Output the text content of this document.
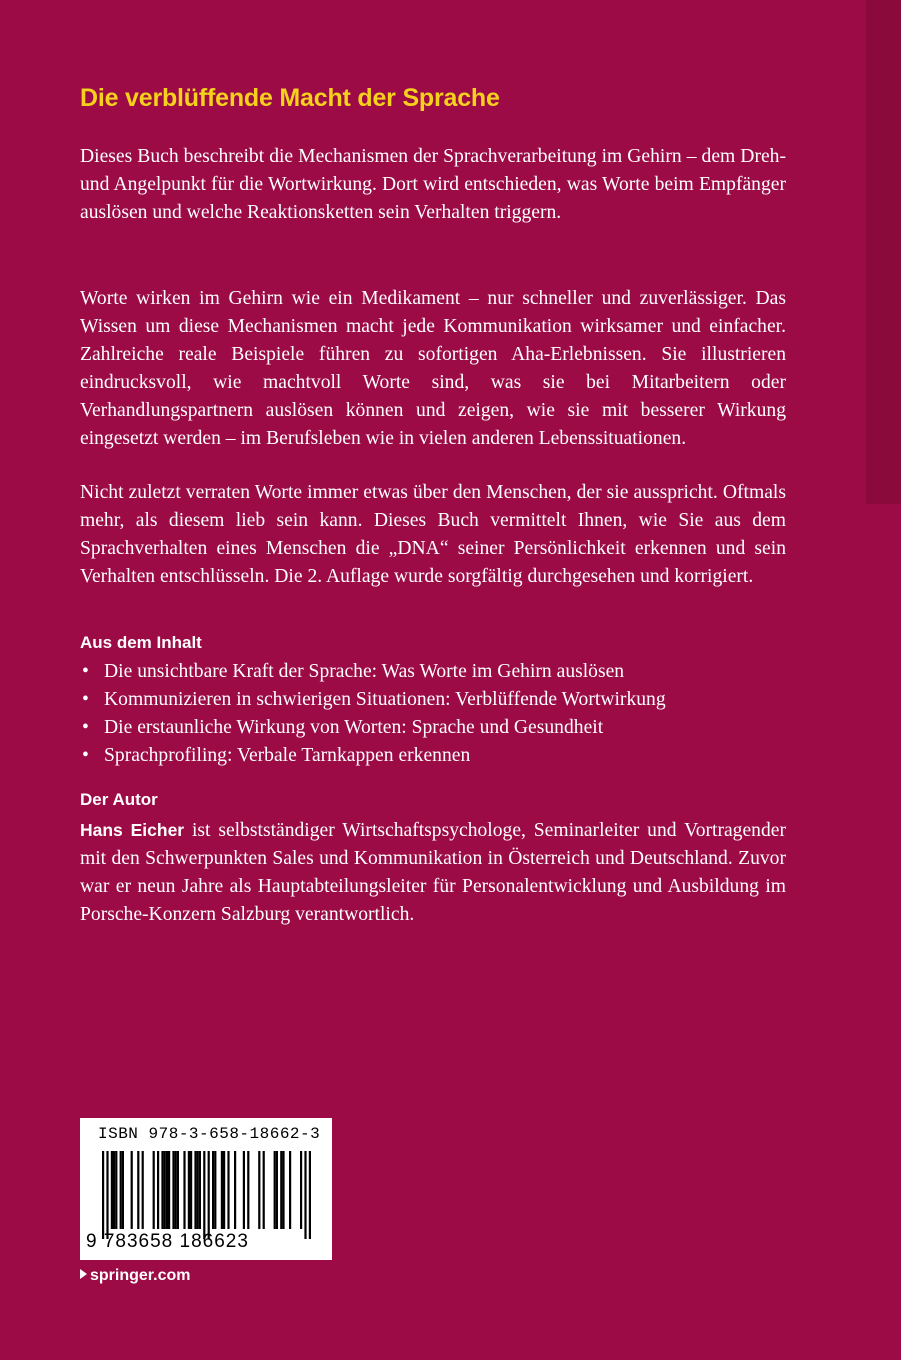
Die verblüffende Macht der Sprache

Dieses Buch beschreibt die Mechanismen der Sprachverarbeitung im Gehirn – dem Dreh- und Angelpunkt für die Wortwirkung. Dort wird entschieden, was Worte beim Empfänger auslösen und welche Reaktionsketten sein Verhalten triggern.

Worte wirken im Gehirn wie ein Medikament – nur schneller und zuverlässiger. Das Wissen um diese Mechanismen macht jede Kommunikation wirksamer und einfacher. Zahlreiche reale Beispiele führen zu sofortigen Aha-Erlebnissen. Sie illustrieren eindrucksvoll, wie machtvoll Worte sind, was sie bei Mitarbeitern oder Verhandlungspartnern auslösen können und zeigen, wie sie mit besserer Wirkung eingesetzt werden – im Berufsleben wie in vielen anderen Lebenssituationen.

Nicht zuletzt verraten Worte immer etwas über den Menschen, der sie ausspricht. Oftmals mehr, als diesem lieb sein kann. Dieses Buch vermittelt Ihnen, wie Sie aus dem Sprachverhalten eines Menschen die „DNA“ seiner Persönlichkeit erkennen und sein Verhalten entschlüsseln. Die 2. Auflage wurde sorgfältig durchgesehen und korrigiert.

Aus dem Inhalt
• Die unsichtbare Kraft der Sprache: Was Worte im Gehirn auslösen
• Kommunizieren in schwierigen Situationen: Verblüffende Wortwirkung
• Die erstaunliche Wirkung von Worten: Sprache und Gesundheit
• Sprachprofiling: Verbale Tarnkappen erkennen
Der Autor

Hans Eicher ist selbstständiger Wirtschaftspsychologe, Seminarleiter und Vortragender mit den Schwerpunkten Sales und Kommunikation in Österreich und Deutschland. Zuvor war er neun Jahre als Hauptabteilungsleiter für Personalentwicklung und Ausbildung im Porsche-Konzern Salzburg verantwortlich.

ISBN 978-3-658-18662-3
9 783658 186623
springer.com
